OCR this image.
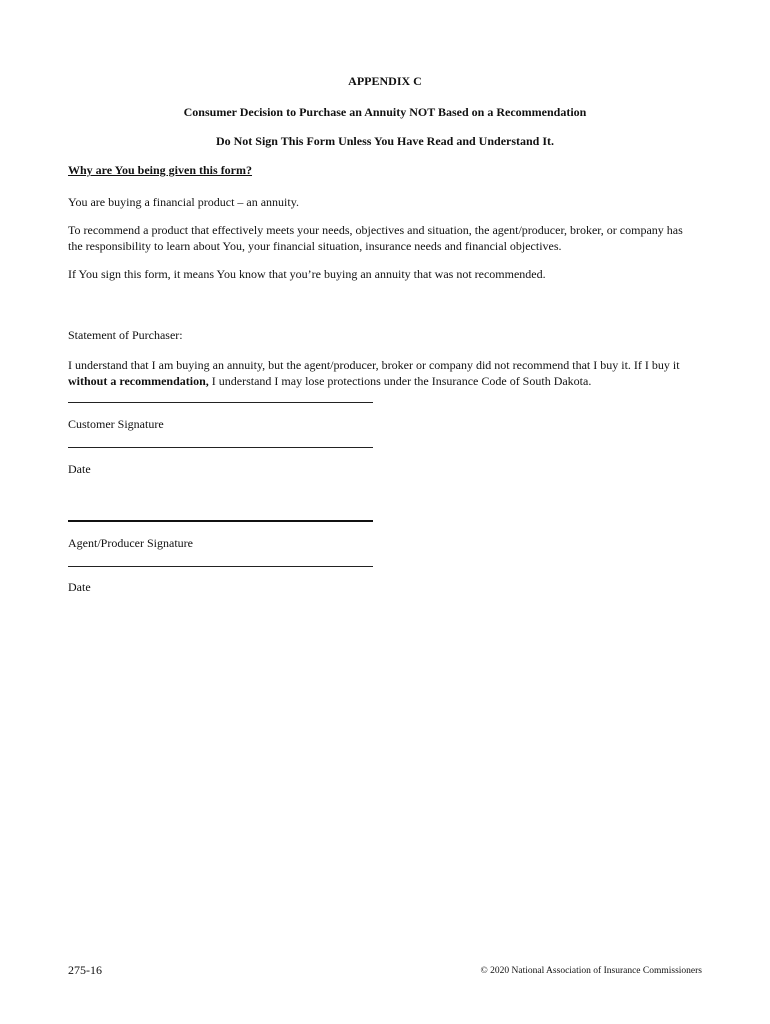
APPENDIX C
Consumer Decision to Purchase an Annuity NOT Based on a Recommendation
Do Not Sign This Form Unless You Have Read and Understand It.
Why are You being given this form?

You are buying a financial product – an annuity.

To recommend a product that effectively meets your needs, objectives and situation, the agent/producer, broker, or company has the responsibility to learn about You, your financial situation, insurance needs and financial objectives.

If You sign this form, it means You know that you’re buying an annuity that was not recommended.

Statement of Purchaser:

I understand that I am buying an annuity, but the agent/producer, broker or company did not recommend that I buy it. If I buy it without a recommendation, I understand I may lose protections under the Insurance Code of South Dakota.

Customer Signature
Date
Agent/Producer Signature
Date
275-16	© 2020 National Association of Insurance Commissioners
